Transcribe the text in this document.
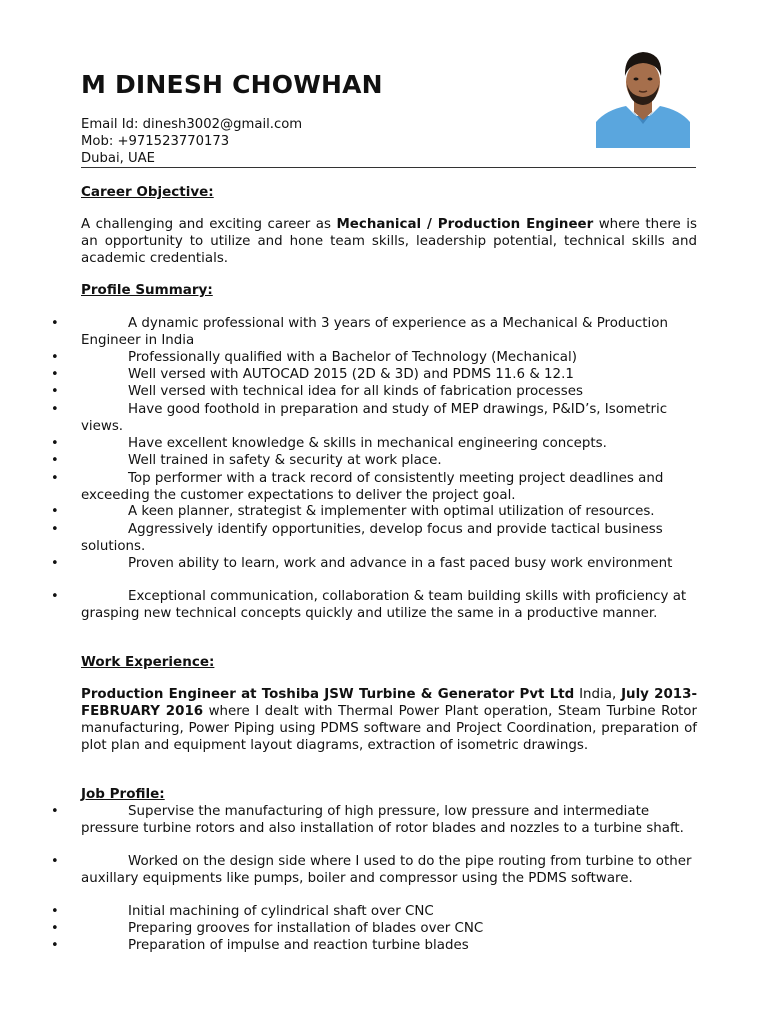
M DINESH CHOWHAN
Email Id: dinesh3002@gmail.com
Mob: +971523770173
Dubai, UAE
Career Objective:

A challenging and exciting career as Mechanical / Production Engineer where there is an opportunity to utilize and hone team skills, leadership potential, technical skills and academic credentials.

Profile Summary:
•	A dynamic professional with 3 years of experience as a Mechanical & Production Engineer in India
•	Professionally qualified with a Bachelor of Technology (Mechanical)
•	Well versed with AUTOCAD 2015 (2D & 3D) and PDMS 11.6 & 12.1
•	Well versed with technical idea for all kinds of fabrication processes
•	Have good foothold in preparation and study of MEP drawings, P&ID’s, Isometric views.
•	Have excellent knowledge & skills in mechanical engineering concepts.
•	Well trained in safety & security at work place.
•	Top performer with a track record of consistently meeting project deadlines and exceeding the customer expectations to deliver the project goal.
•	A keen planner, strategist & implementer with optimal utilization of resources.
•	Aggressively identify opportunities, develop focus and provide tactical business solutions.
•	Proven ability to learn, work and advance in a fast paced busy work environment
•	Exceptional communication, collaboration & team building skills with proficiency at grasping new technical concepts quickly and utilize the same in a productive manner.
Work Experience:

Production Engineer at Toshiba JSW Turbine & Generator Pvt Ltd India, July 2013- FEBRUARY 2016 where I dealt with Thermal Power Plant operation, Steam Turbine Rotor manufacturing, Power Piping using PDMS software and Project Coordination, preparation of plot plan and equipment layout diagrams, extraction of isometric drawings.

Job Profile:
•	Supervise the manufacturing of high pressure, low pressure and intermediate pressure turbine rotors and also installation of rotor blades and nozzles to a turbine shaft.
•	Worked on the design side where I used to do the pipe routing from turbine to other auxillary equipments like pumps, boiler and compressor using the PDMS software.
•	Initial machining of cylindrical shaft over CNC
•	Preparing grooves for installation of blades over CNC
•	Preparation of impulse and reaction turbine blades
